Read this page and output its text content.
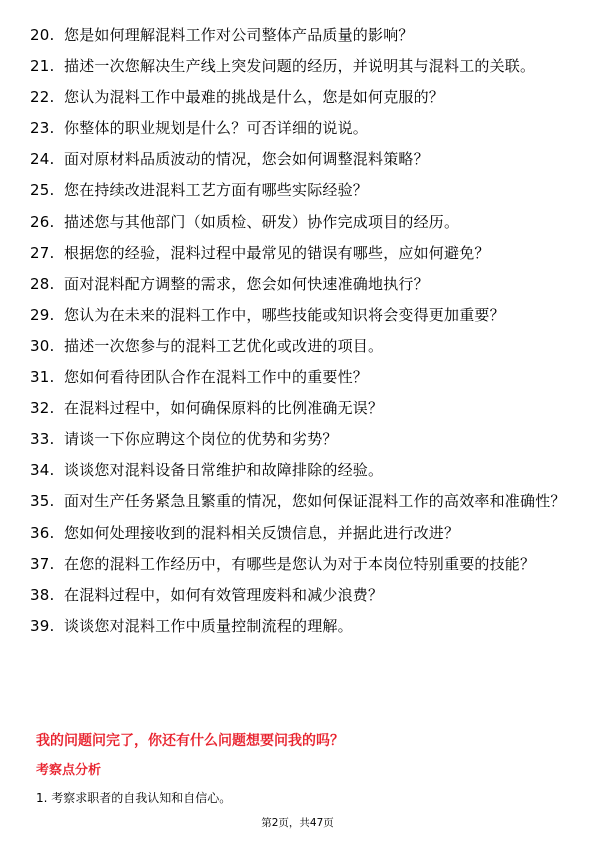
20. 您是如何理解混料工作对公司整体产品质量的影响？
21. 描述一次您解决生产线上突发问题的经历，并说明其与混料工的关联。
22. 您认为混料工作中最难的挑战是什么，您是如何克服的？
23. 你整体的职业规划是什么？可否详细的说说。
24. 面对原材料品质波动的情况，您会如何调整混料策略？
25. 您在持续改进混料工艺方面有哪些实际经验？
26. 描述您与其他部门（如质检、研发）协作完成项目的经历。
27. 根据您的经验，混料过程中最常见的错误有哪些，应如何避免？
28. 面对混料配方调整的需求，您会如何快速准确地执行？
29. 您认为在未来的混料工作中，哪些技能或知识将会变得更加重要？
30. 描述一次您参与的混料工艺优化或改进的项目。
31. 您如何看待团队合作在混料工作中的重要性？
32. 在混料过程中，如何确保原料的比例准确无误？
33. 请谈一下你应聘这个岗位的优势和劣势？
34. 谈谈您对混料设备日常维护和故障排除的经验。
35. 面对生产任务紧急且繁重的情况，您如何保证混料工作的高效率和准确性？
36. 您如何处理接收到的混料相关反馈信息，并据此进行改进？
37. 在您的混料工作经历中，有哪些是您认为对于本岗位特别重要的技能？
38. 在混料过程中，如何有效管理废料和减少浪费？
39. 谈谈您对混料工作中质量控制流程的理解。
我的问题问完了，你还有什么问题想要问我的吗？
考察点分析
1. 考察求职者的自我认知和自信心。
第2页，共47页
